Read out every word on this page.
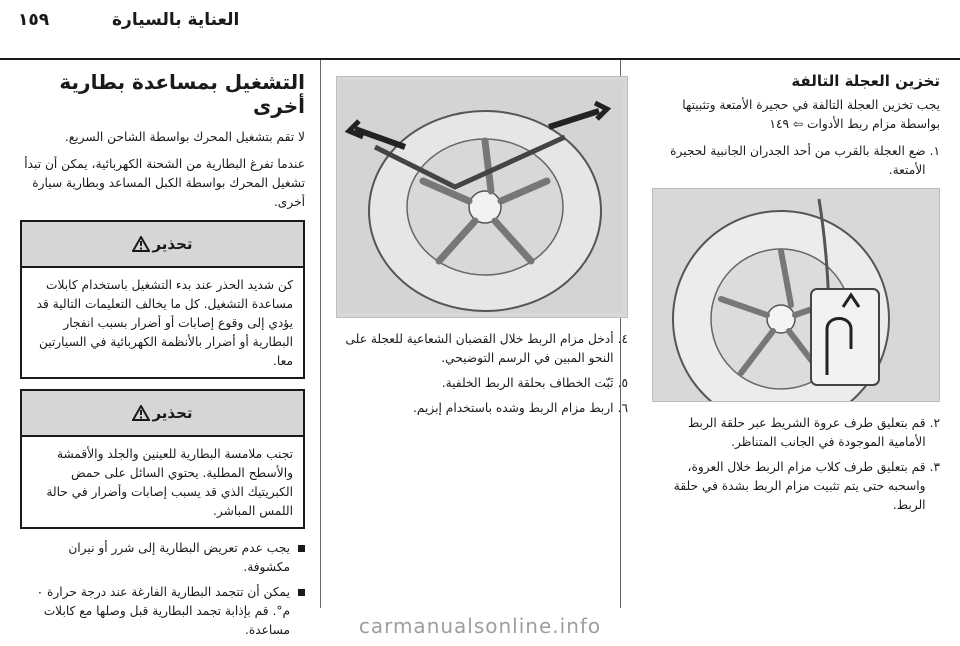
العناية بالسيارة
١٥٩
تخزين العجلة التالفة

يجب تخزين العجلة التالفة في حجيرة الأمتعة وتثبيتها بواسطة مزام ربط الأدوات ⇦ ١٤٩

١.
ضع العجلة بالقرب من أحد الجدران الجانبية لحجيرة الأمتعة.
٢.
قم بتعليق طرف عروة الشريط عبر حلقة الربط الأمامية الموجودة في الجانب المتناظر.
٣.
قم بتعليق طرف كلاب مزام الربط خلال العروة، واسحبه حتى يتم تثبيت مزام الربط بشدة في حلقة الربط.
٤.
أدخل مزام الربط خلال القضبان الشعاعية للعجلة على النحو المبين في الرسم التوضيحي.
٥.
ثَبّت الخطاف بحلقة الربط الخلفية.
٦.
اربط مزام الربط وشده باستخدام إبزيم.
التشغيل بمساعدة بطارية أخرى

لا تقم بتشغيل المحرك بواسطة الشاحن السريع.

عندما تفرغ البطارية من الشحنة الكهربائية، يمكن أن تبدأ تشغيل المحرك بواسطة الكبل المساعد وبطارية سيارة أخرى.

تحذير
كن شديد الحذر عند بدء التشغيل باستخدام كابلات مساعدة التشغيل. كل ما يخالف التعليمات التالية قد يؤدي إلى وقوع إصابات أو أضرار بسبب انفجار البطارية أو أضرار بالأنظمة الكهربائية في السيارتين معا.
تحذير
تجنب ملامسة البطارية للعينين والجلد والأقمشة والأسطح المطلية. يحتوي السائل على حمض الكبريتيك الذي قد يسبب إصابات وأضرار في حالة اللمس المباشر.
يجب عدم تعريض البطارية إلى شرر أو نيران مكشوفة.
يمكن أن تتجمد البطارية الفارغة عند درجة حرارة ٠ م°. قم بإذابة تجمد البطارية قبل وصلها مع كابلات مساعدة.	carmanualsonline.info
